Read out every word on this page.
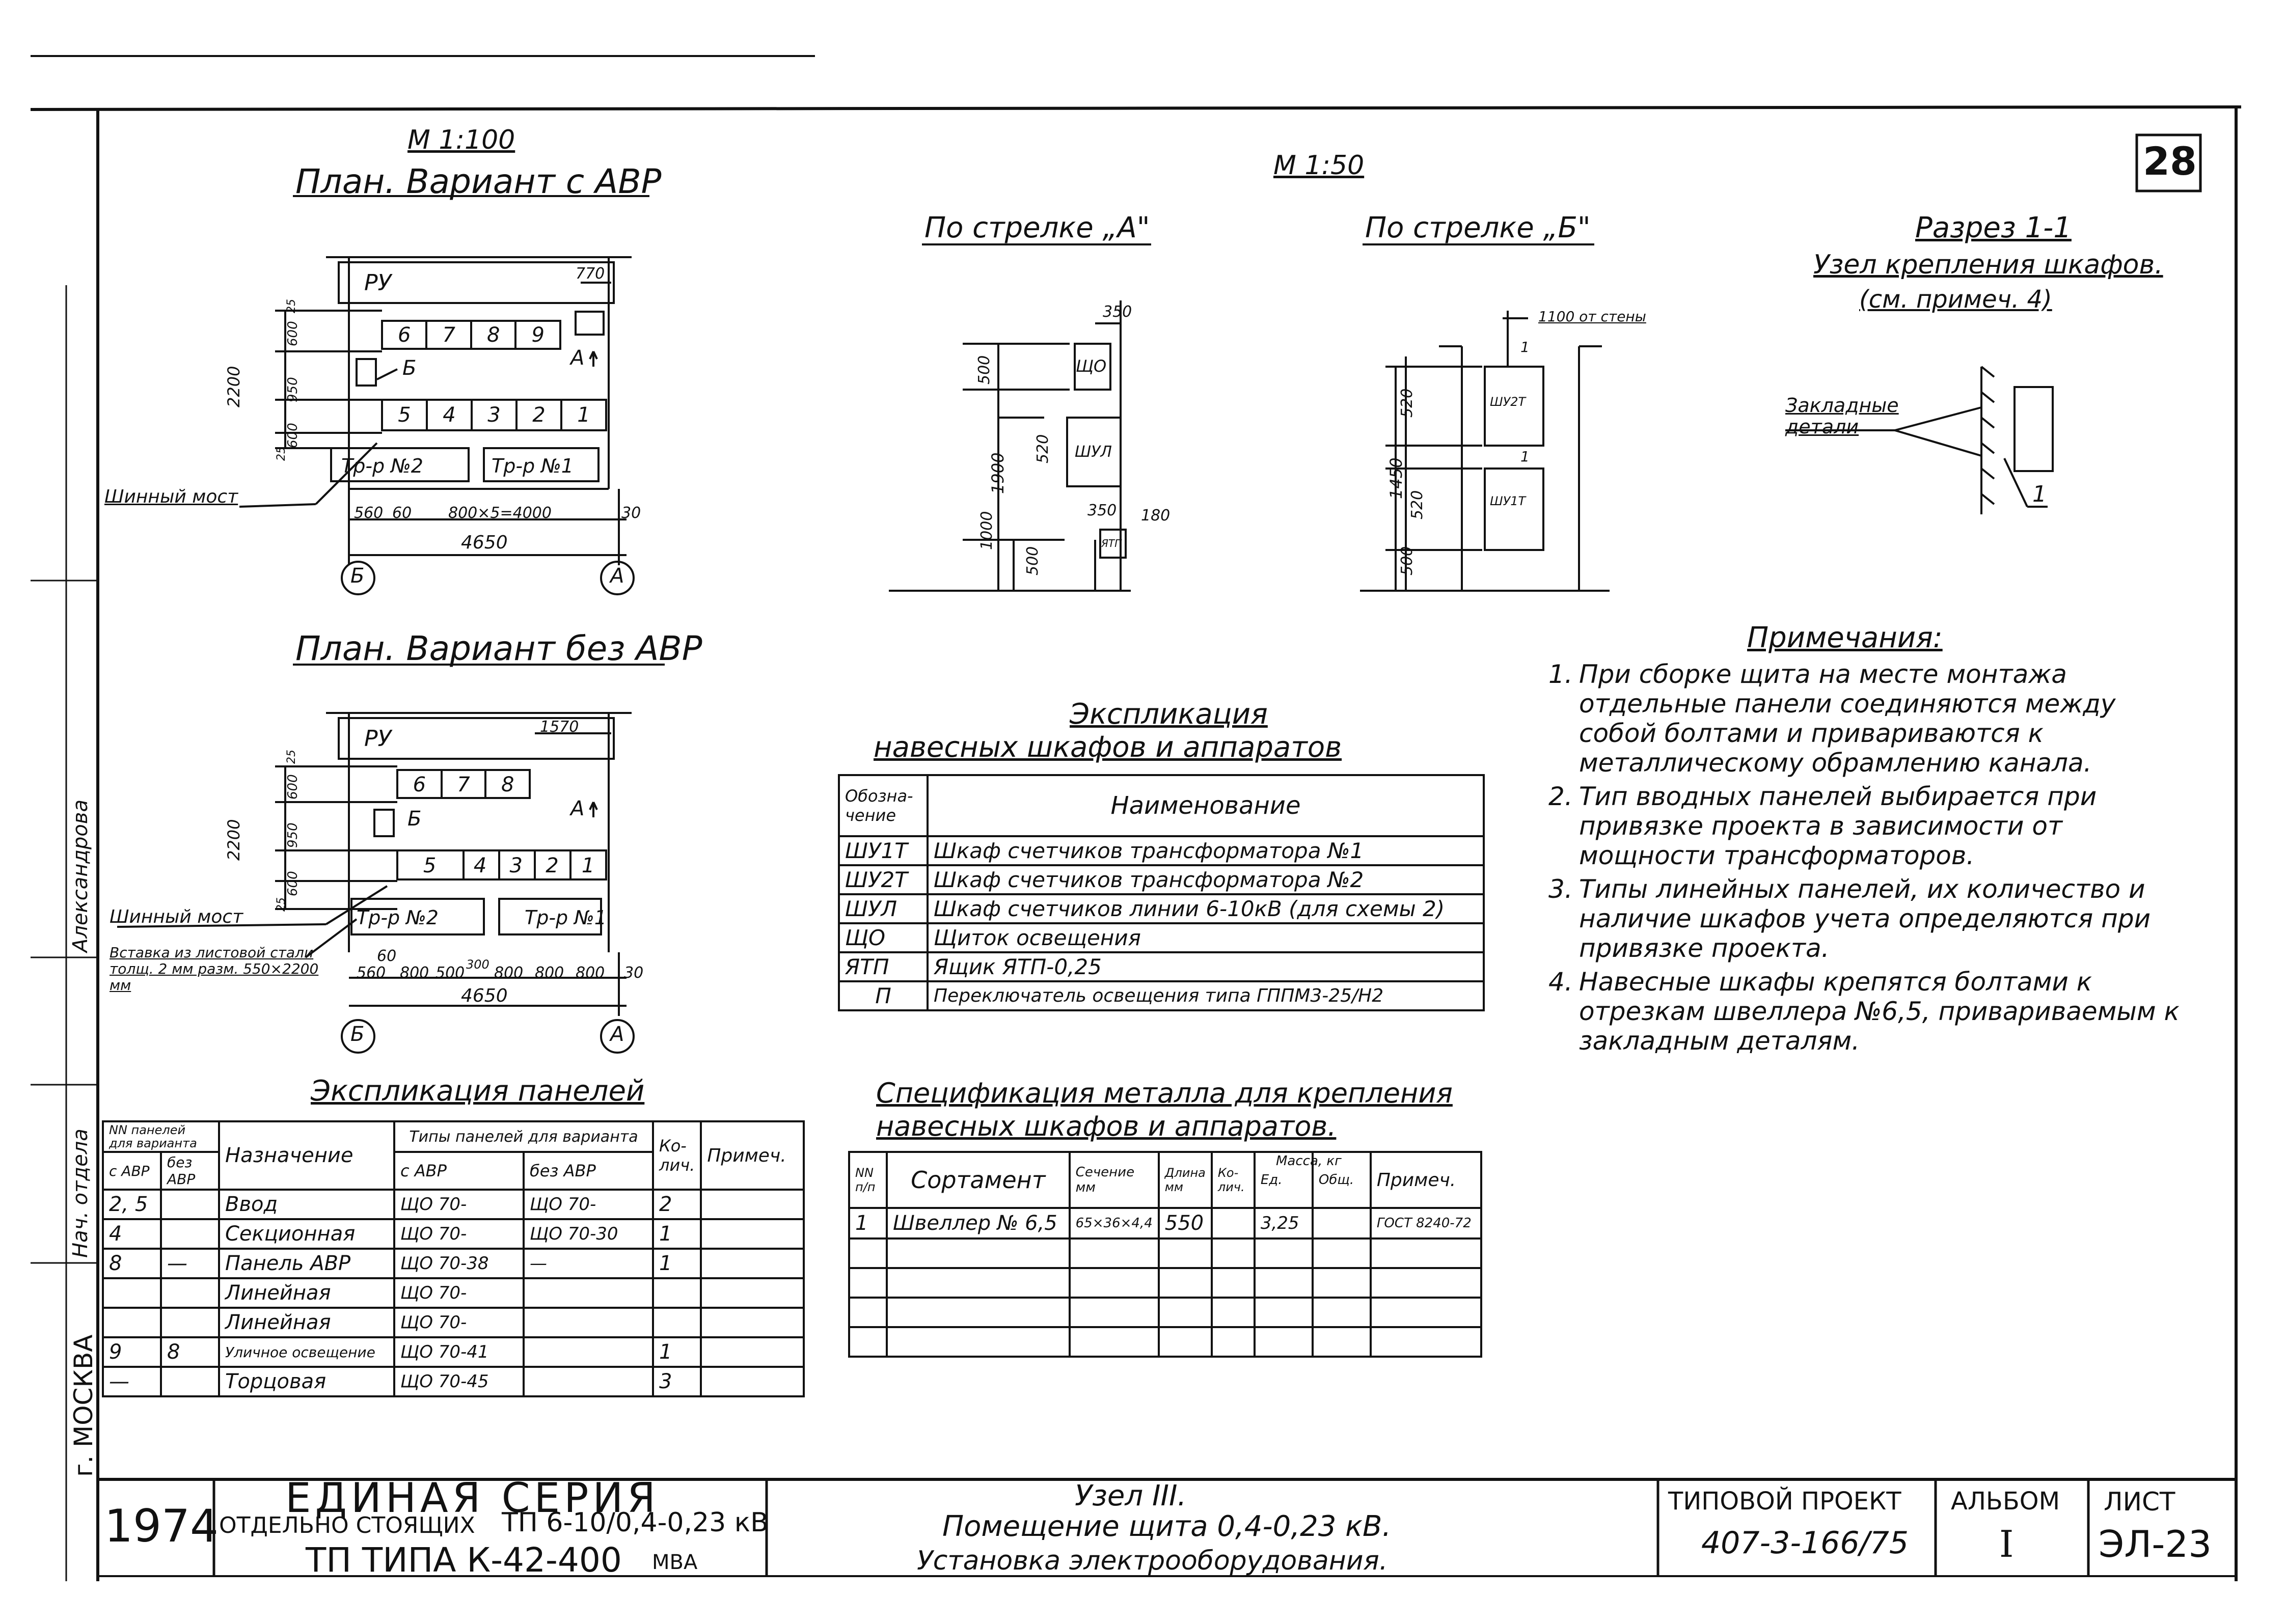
28
М 1:100
М 1:50
План. Вариант с АВР
РУ	770
6	7	8	9
5	4	3	2	1
Б	А
Тр-р №2	Тр-р №1
Шинный мост
2200	950
600
25
600
25
560 60 800×5=4000	30
4650
Б	А
План. Вариант без АВР
РУ	1570
6	7	8
5	4	3	2	1
Б	А
Тр-р №2	Тр-р №1
Шинный мост
Вставка из листовой стали толщ. 2 мм разм. 550×2200 мм
2200	950
600
25
600
25
60
560 800 500 300 800 800 800 30
4650
Б	А
По стрелке „А"
350
500
1900
520
1000
500
350 180
ЩО
ШУЛ
ЯТП
По стрелке „Б"
1100 от стены
520
1450
520
500
ШУ2Т
ШУ1Т
1
1
Разрез 1-1
Узел крепления шкафов.
(см. примеч. 4)
Закладные детали
1
Примечания:
1. При сборке щита на месте монтажа отдельные панели соединяются между собой болтами и привариваются к металлическому обрамлению канала.
2. Тип вводных панелей выбирается при привязке проекта в зависимости от мощности трансформаторов.
3. Типы линейных панелей, их количество и наличие шкафов учета определяются при привязке проекта.
4. Навесные шкафы крепятся болтами к отрезкам швеллера №6,5, привариваемым к закладным деталям.
Экспликация
навесных шкафов и аппаратов
Обозна-чение	Наименование
ШУ1Т	Шкаф счетчиков трансформатора №1
ШУ2Т	Шкаф счетчиков трансформатора №2
ШУЛ	Шкаф счетчиков линии 6-10кВ (для схемы 2)
ЩО	Щиток освещения
ЯТП	Ящик ЯТП-0,25
П	Переключатель освещения типа ГППМ3-25/Н2
Экспликация панелей
NN панелей для варианта		Назначение	Типы панелей для варианта		Ко-лич.	Примеч.
с АВР	без АВР		с АВР	без АВР		
2, 5		Ввод	ЩО 70-	ЩО 70-	2	
4		Секционная	ЩО 70-	ЩО 70-30	1	
8	—	Панель АВР	ЩО 70-38	—	1	
		Линейная	ЩО 70-			
		Линейная	ЩО 70-			
9	8	Уличное освещение	ЩО 70-41		1	
—		Торцовая	ЩО 70-45		3	
Спецификация металла для крепления
навесных шкафов и аппаратов.
NN п/п	Сортамент	Сечение мм	Длина мм	Ко-лич.	Ед.	Общ.	Примеч.
1	Швеллер № 6,5	65×36×4,4	550		3,25		ГОСТ 8240-72

Масса, кг
г. МОСКВА
Нач. отдела
Александрова
1974
ЕДИНАЯ СЕРИЯ
ОТДЕЛЬНО СТОЯЩИХ ТП 6-10/0,4-0,23 кВ
ТП ТИПА К-42-400 МВА
Узел III.
Помещение щита 0,4-0,23 кВ.
Установка электрооборудования.
ТИПОВОЙ ПРОЕКТ
407-3-166/75
АЛЬБОМ
I
ЛИСТ
ЭЛ-23
